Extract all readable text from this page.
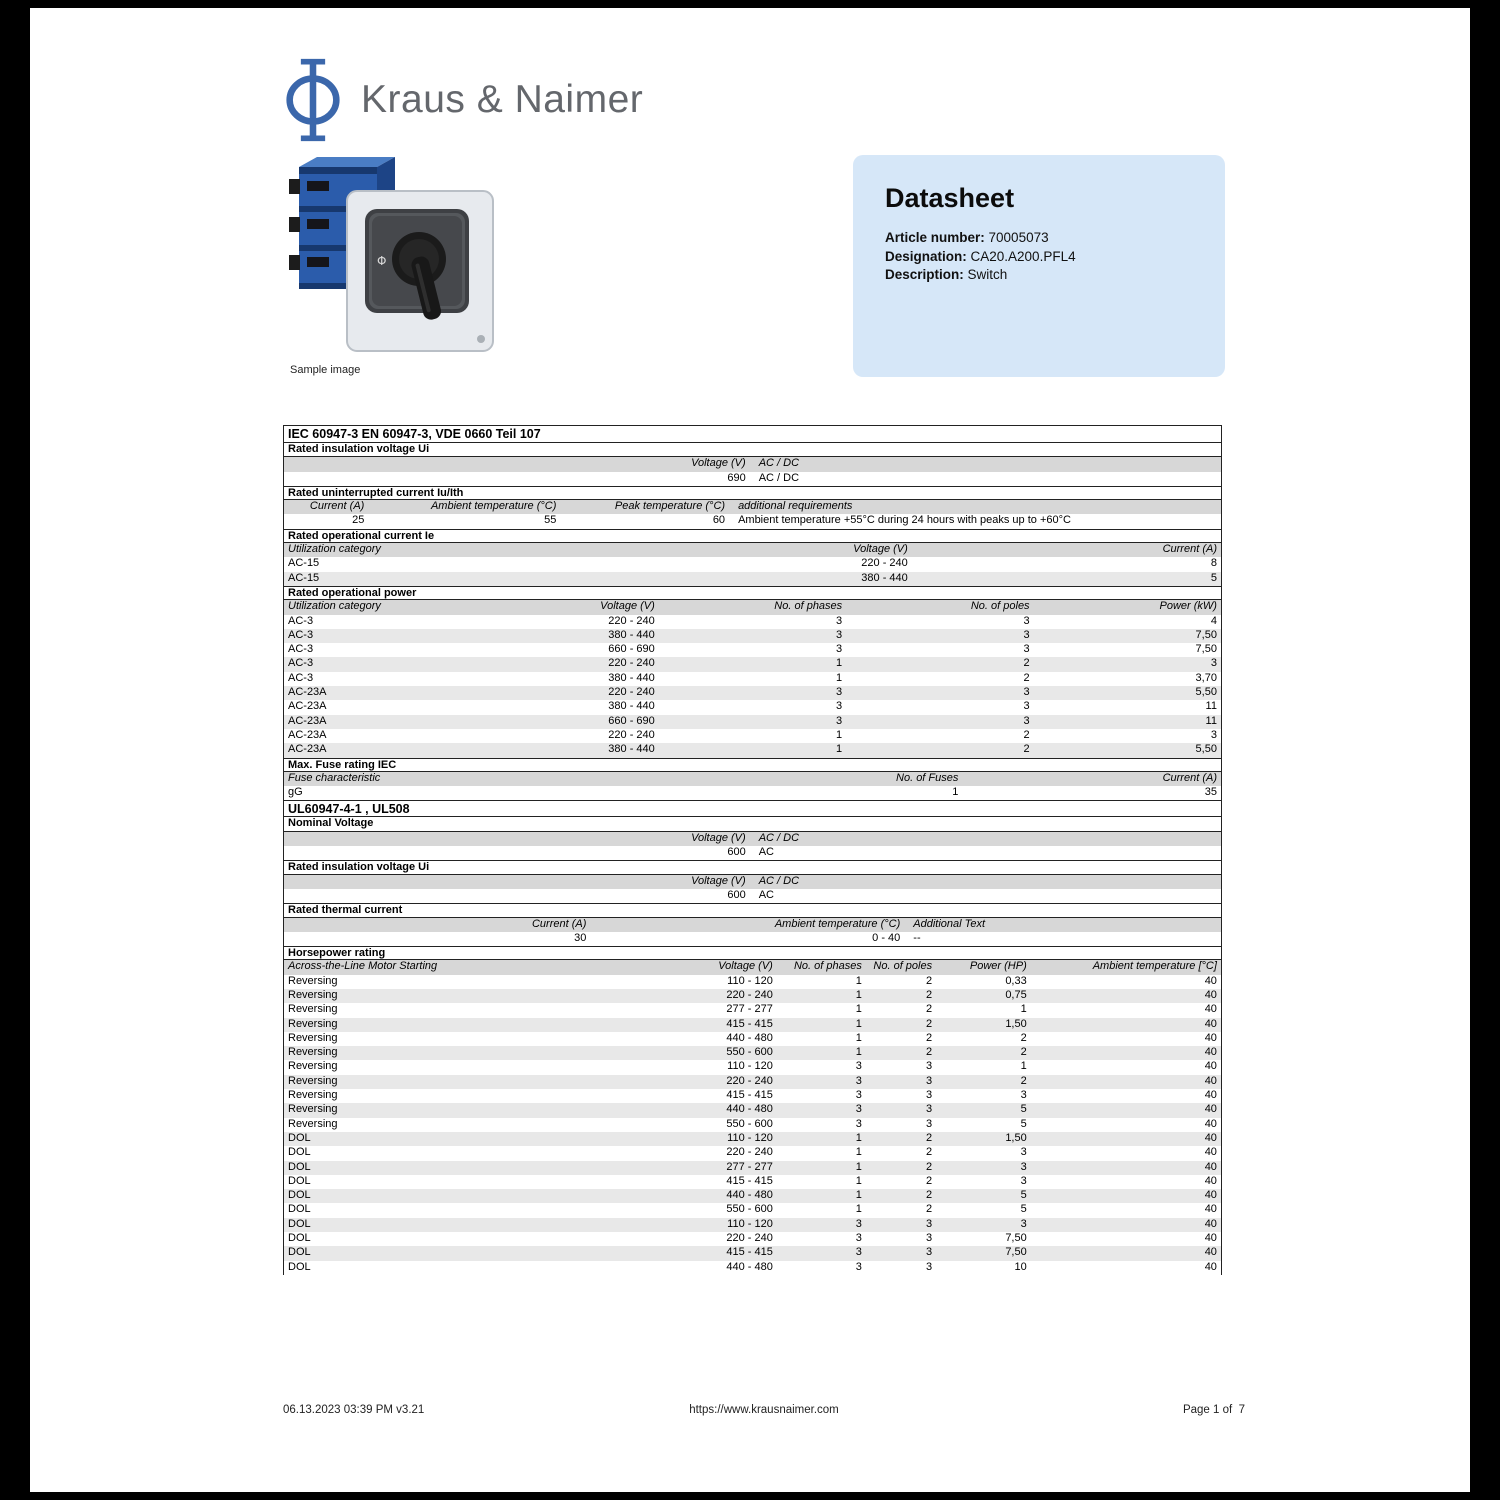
Kraus & Naimer
Φ
Sample image
Datasheet
Article number: 70005073
Designation: CA20.A200.PFL4
Description: Switch
IEC 60947-3 EN 60947-3, VDE 0660 Teil 107
Rated insulation voltage Ui
Voltage (V)	AC / DC
690	AC / DC
Rated uninterrupted current Iu/Ith
Current (A)	Ambient temperature (°C)	Peak temperature (°C)	additional requirements
25	55	60	Ambient temperature +55°C during 24 hours with peaks up to +60°C
Rated operational current Ie
Utilization category	Voltage (V)	Current (A)
AC-15	220 - 240	8
AC-15	380 - 440	5
Rated operational power
Utilization category	Voltage (V)	No. of phases	No. of poles	Power (kW)
AC-3	220 - 240	3	3	4
AC-3	380 - 440	3	3	7,50
AC-3	660 - 690	3	3	7,50
AC-3	220 - 240	1	2	3
AC-3	380 - 440	1	2	3,70
AC-23A	220 - 240	3	3	5,50
AC-23A	380 - 440	3	3	11
AC-23A	660 - 690	3	3	11
AC-23A	220 - 240	1	2	3
AC-23A	380 - 440	1	2	5,50
Max. Fuse rating IEC
Fuse characteristic	No. of Fuses	Current (A)
gG	1	35
UL60947-4-1 , UL508
Nominal Voltage
Voltage (V)	AC / DC
600	AC
Rated insulation voltage Ui
Voltage (V)	AC / DC
600	AC
Rated thermal current
Current (A)	Ambient temperature (°C)	Additional Text
30	0 - 40	--
Horsepower rating
Across-the-Line Motor Starting	Voltage (V)	No. of phases	No. of poles	Power (HP)	Ambient temperature [°C]
Reversing	110 - 120	1	2	0,33	40
Reversing	220 - 240	1	2	0,75	40
Reversing	277 - 277	1	2	1	40
Reversing	415 - 415	1	2	1,50	40
Reversing	440 - 480	1	2	2	40
Reversing	550 - 600	1	2	2	40
Reversing	110 - 120	3	3	1	40
Reversing	220 - 240	3	3	2	40
Reversing	415 - 415	3	3	3	40
Reversing	440 - 480	3	3	5	40
Reversing	550 - 600	3	3	5	40
DOL	110 - 120	1	2	1,50	40
DOL	220 - 240	1	2	3	40
DOL	277 - 277	1	2	3	40
DOL	415 - 415	1	2	3	40
DOL	440 - 480	1	2	5	40
DOL	550 - 600	1	2	5	40
DOL	110 - 120	3	3	3	40
DOL	220 - 240	3	3	7,50	40
DOL	415 - 415	3	3	7,50	40
DOL	440 - 480	3	3	10	40
06.13.2023 03:39 PM v3.21	https://www.krausnaimer.com	Page 1 of  7
